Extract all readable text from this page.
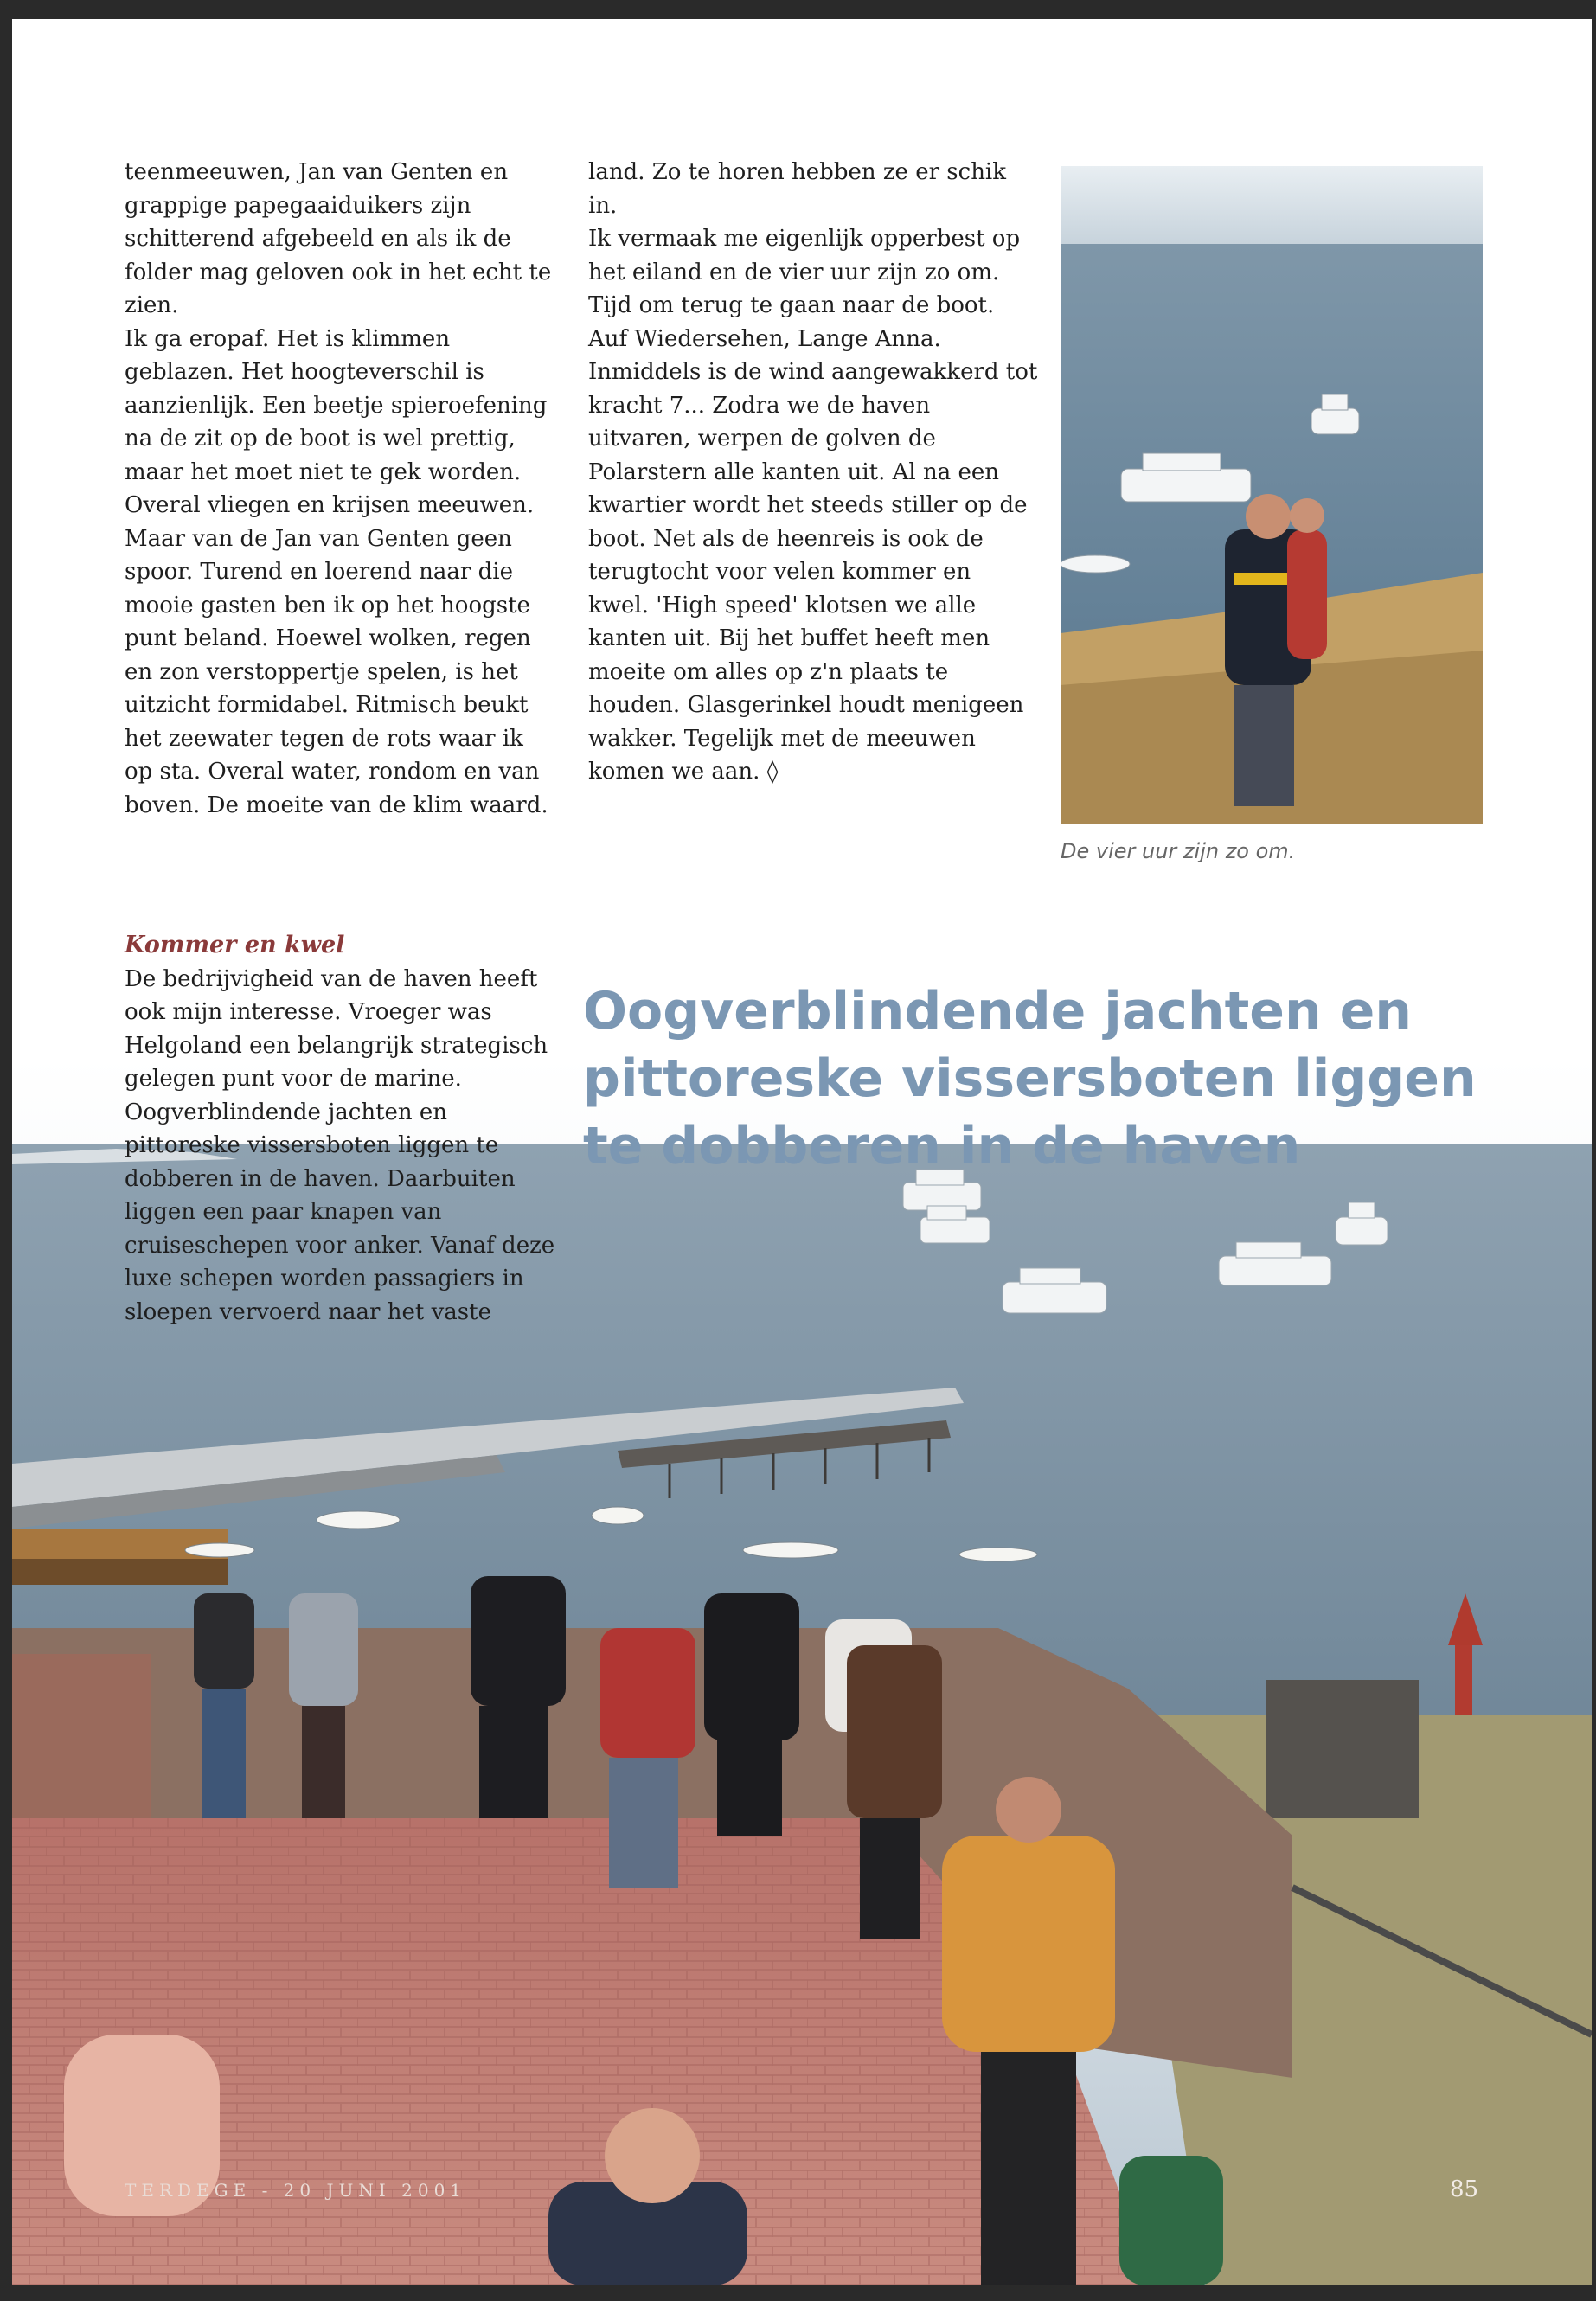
teenmeeuwen, Jan van Genten en grappige papegaaiduikers zijn schitterend afgebeeld en als ik de folder mag geloven ook in het echt te zien.

Ik ga eropaf. Het is klimmen geblazen. Het hoogteverschil is aanzienlijk. Een beetje spieroefening na de zit op de boot is wel prettig, maar het moet niet te gek worden. Overal vliegen en krijsen meeuwen. Maar van de Jan van Genten geen spoor. Turend en loerend naar die mooie gasten ben ik op het hoogste punt beland. Hoewel wolken, regen en zon verstoppertje spelen, is het uitzicht formidabel. Ritmisch beukt het zeewater tegen de rots waar ik op sta. Overal water, rondom en van boven. De moeite van de klim waard.

land. Zo te horen hebben ze er schik in.

Ik vermaak me eigenlijk opperbest op het eiland en de vier uur zijn zo om. Tijd om terug te gaan naar de boot. Auf Wiedersehen, Lange Anna. Inmiddels is de wind aangewakkerd tot kracht 7... Zodra we de haven uitvaren, werpen de golven de Polarstern alle kanten uit. Al na een kwartier wordt het steeds stiller op de boot. Net als de heenreis is ook de terugtocht voor velen kommer en kwel. 'High speed' klotsen we alle kanten uit. Bij het buffet heeft men moeite om alles op z'n plaats te houden. Glasgerinkel houdt menigeen wakker. Tegelijk met de meeuwen komen we aan. ◊

De vier uur zijn zo om.
Oogverblindende jachten en pittoreske vissersboten liggen te dobberen in de haven

Kommer en kwel

De bedrijvigheid van de haven heeft ook mijn interesse. Vroeger was Helgoland een belangrijk strategisch gelegen punt voor de marine. Oogverblindende jachten en pittoreske vissersboten liggen te dobberen in de haven. Daarbuiten liggen een paar knapen van cruiseschepen voor anker. Vanaf deze luxe schepen worden passagiers in sloepen vervoerd naar het vaste

TERDEGE - 20 JUNI 2001	85
